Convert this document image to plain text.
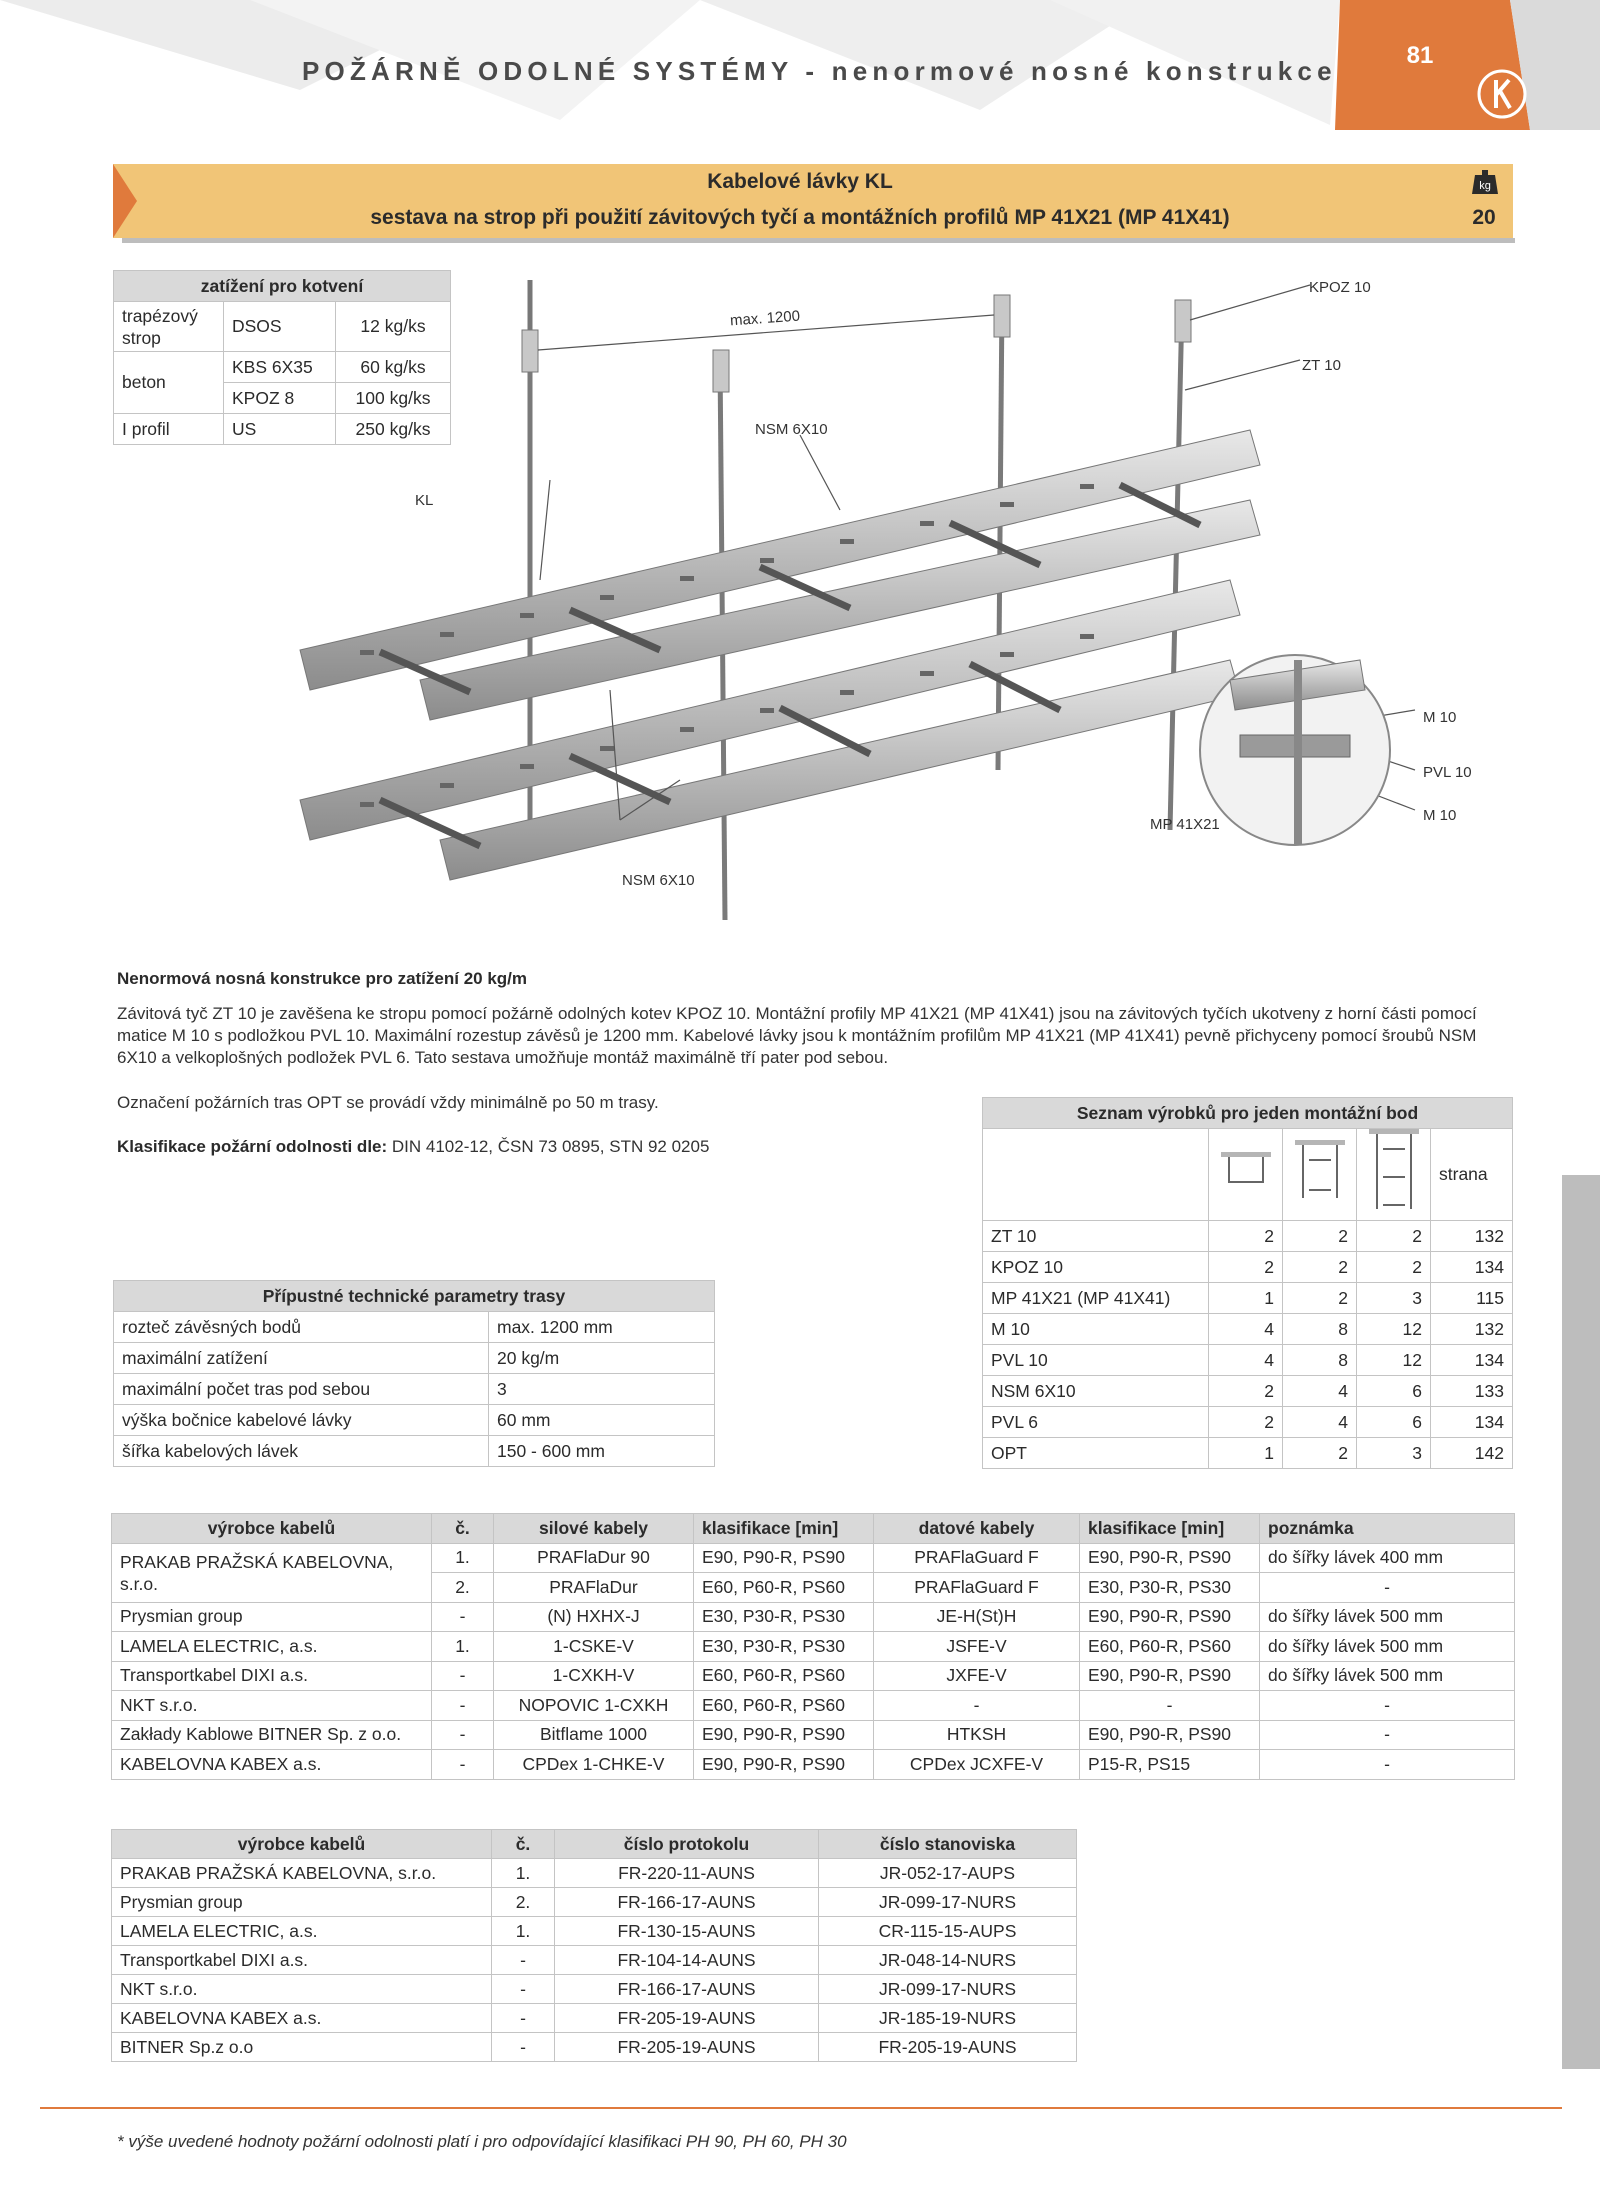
POŽÁRNĚ ODOLNÉ SYSTÉMY - nenormové nosné konstrukce
81
Kabelové lávky KL
sestava na strop při použití závitových tyčí a montážních profilů MP 41X21 (MP 41X41)
kg
20
zatížení pro kotvení		
trapézový strop	DSOS	12 kg/ks
beton	KBS 6X35	60 kg/ks
	KPOZ 8	100 kg/ks
I profil	US	250 kg/ks
KPOZ 10
ZT 10
max. 1200
NSM 6X10
KL
M 10
PVL 10
M 10
MP 41X21
NSM 6X10
Nenormová nosná konstrukce pro zatížení 20 kg/m
Závitová tyč ZT 10 je zavěšena ke stropu pomocí požárně odolných kotev KPOZ 10. Montážní profily MP 41X21 (MP 41X41) jsou na závitových tyčích ukotveny z horní části pomocí matice M 10 s podložkou PVL 10. Maximální rozestup závěsů je 1200 mm. Kabelové lávky jsou k montážním profilům MP 41X21 (MP 41X41) pevně přichyceny pomocí šroubů NSM 6X10 a velkoplošných podložek PVL 6. Tato sestava umožňuje montáž maximálně tří pater pod sebou.
Označení požárních tras OPT se provádí vždy minimálně po 50 m trasy.
Klasifikace požární odolnosti dle: DIN 4102-12, ČSN 73 0895, STN 92 0205
Přípustné technické parametry trasy	
rozteč závěsných bodů	max. 1200 mm
maximální zatížení	20 kg/m
maximální počet tras pod sebou	3
výška bočnice kabelové lávky	60 mm
šířka kabelových lávek	150 - 600 mm
Seznam výrobků pro jeden montážní bod				
				strana
ZT 10	2	2	2	132
KPOZ 10	2	2	2	134
MP 41X21 (MP 41X41)	1	2	3	115
M 10	4	8	12	132
PVL 10	4	8	12	134
NSM 6X10	2	4	6	133
PVL 6	2	4	6	134
OPT	1	2	3	142
výrobce kabelů	č.	silové kabely	klasifikace [min]	datové kabely	klasifikace [min]	poznámka
PRAKAB PRAŽSKÁ KABELOVNA, s.r.o.	1.	PRAFlaDur 90	E90, P90-R, PS90	PRAFlaGuard F	E90, P90-R, PS90	do šířky lávek 400 mm
	2.	PRAFlaDur	E60, P60-R, PS60	PRAFlaGuard F	E30, P30-R, PS30	-
Prysmian group	-	(N) HXHX-J	E30, P30-R, PS30	JE-H(St)H	E90, P90-R, PS90	do šířky lávek 500 mm
LAMELA ELECTRIC, a.s.	1.	1-CSKE-V	E30, P30-R, PS30	JSFE-V	E60, P60-R, PS60	do šířky lávek 500 mm
Transportkabel DIXI a.s.	-	1-CXKH-V	E60, P60-R, PS60	JXFE-V	E90, P90-R, PS90	do šířky lávek 500 mm
NKT s.r.o.	-	NOPOVIC 1-CXKH	E60, P60-R, PS60	-	-	-
Zakłady Kablowe BITNER Sp. z o.o.	-	Bitflame 1000	E90, P90-R, PS90	HTKSH	E90, P90-R, PS90	-
KABELOVNA KABEX a.s.	-	CPDex 1-CHKE-V	E90, P90-R, PS90	CPDex JCXFE-V	P15-R, PS15	-
výrobce kabelů	č.	číslo protokolu	číslo stanoviska
PRAKAB PRAŽSKÁ KABELOVNA, s.r.o.	1.	FR-220-11-AUNS	JR-052-17-AUPS
Prysmian group	2.	FR-166-17-AUNS	JR-099-17-NURS
LAMELA ELECTRIC, a.s.	1.	FR-130-15-AUNS	CR-115-15-AUPS
Transportkabel DIXI a.s.	-	FR-104-14-AUNS	JR-048-14-NURS
NKT s.r.o.	-	FR-166-17-AUNS	JR-099-17-NURS
KABELOVNA KABEX a.s.	-	FR-205-19-AUNS	JR-185-19-NURS
BITNER Sp.z o.o	-	FR-205-19-AUNS	FR-205-19-AUNS
* výše uvedené hodnoty požární odolnosti platí i pro odpovídající klasifikaci PH 90, PH 60, PH 30
